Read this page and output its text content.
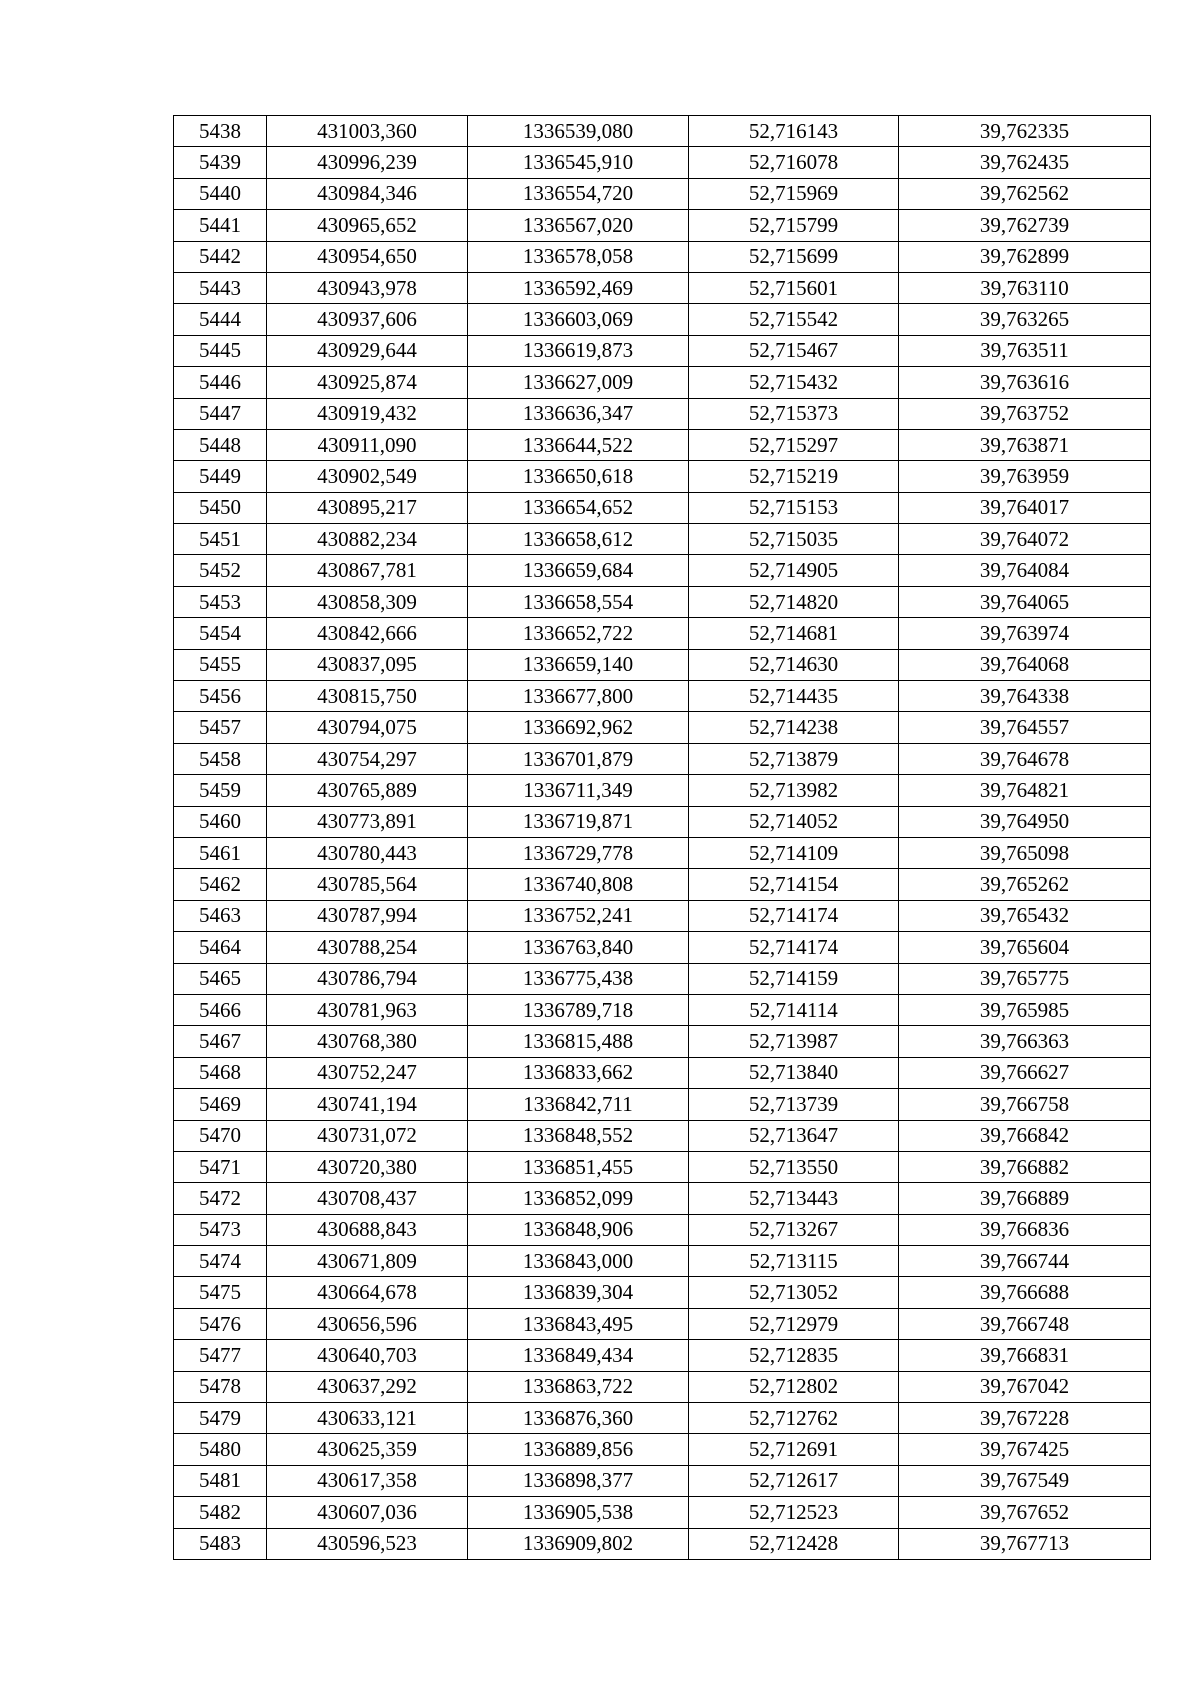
5438	431003,360	1336539,080	52,716143	39,762335
5439	430996,239	1336545,910	52,716078	39,762435
5440	430984,346	1336554,720	52,715969	39,762562
5441	430965,652	1336567,020	52,715799	39,762739
5442	430954,650	1336578,058	52,715699	39,762899
5443	430943,978	1336592,469	52,715601	39,763110
5444	430937,606	1336603,069	52,715542	39,763265
5445	430929,644	1336619,873	52,715467	39,763511
5446	430925,874	1336627,009	52,715432	39,763616
5447	430919,432	1336636,347	52,715373	39,763752
5448	430911,090	1336644,522	52,715297	39,763871
5449	430902,549	1336650,618	52,715219	39,763959
5450	430895,217	1336654,652	52,715153	39,764017
5451	430882,234	1336658,612	52,715035	39,764072
5452	430867,781	1336659,684	52,714905	39,764084
5453	430858,309	1336658,554	52,714820	39,764065
5454	430842,666	1336652,722	52,714681	39,763974
5455	430837,095	1336659,140	52,714630	39,764068
5456	430815,750	1336677,800	52,714435	39,764338
5457	430794,075	1336692,962	52,714238	39,764557
5458	430754,297	1336701,879	52,713879	39,764678
5459	430765,889	1336711,349	52,713982	39,764821
5460	430773,891	1336719,871	52,714052	39,764950
5461	430780,443	1336729,778	52,714109	39,765098
5462	430785,564	1336740,808	52,714154	39,765262
5463	430787,994	1336752,241	52,714174	39,765432
5464	430788,254	1336763,840	52,714174	39,765604
5465	430786,794	1336775,438	52,714159	39,765775
5466	430781,963	1336789,718	52,714114	39,765985
5467	430768,380	1336815,488	52,713987	39,766363
5468	430752,247	1336833,662	52,713840	39,766627
5469	430741,194	1336842,711	52,713739	39,766758
5470	430731,072	1336848,552	52,713647	39,766842
5471	430720,380	1336851,455	52,713550	39,766882
5472	430708,437	1336852,099	52,713443	39,766889
5473	430688,843	1336848,906	52,713267	39,766836
5474	430671,809	1336843,000	52,713115	39,766744
5475	430664,678	1336839,304	52,713052	39,766688
5476	430656,596	1336843,495	52,712979	39,766748
5477	430640,703	1336849,434	52,712835	39,766831
5478	430637,292	1336863,722	52,712802	39,767042
5479	430633,121	1336876,360	52,712762	39,767228
5480	430625,359	1336889,856	52,712691	39,767425
5481	430617,358	1336898,377	52,712617	39,767549
5482	430607,036	1336905,538	52,712523	39,767652
5483	430596,523	1336909,802	52,712428	39,767713
